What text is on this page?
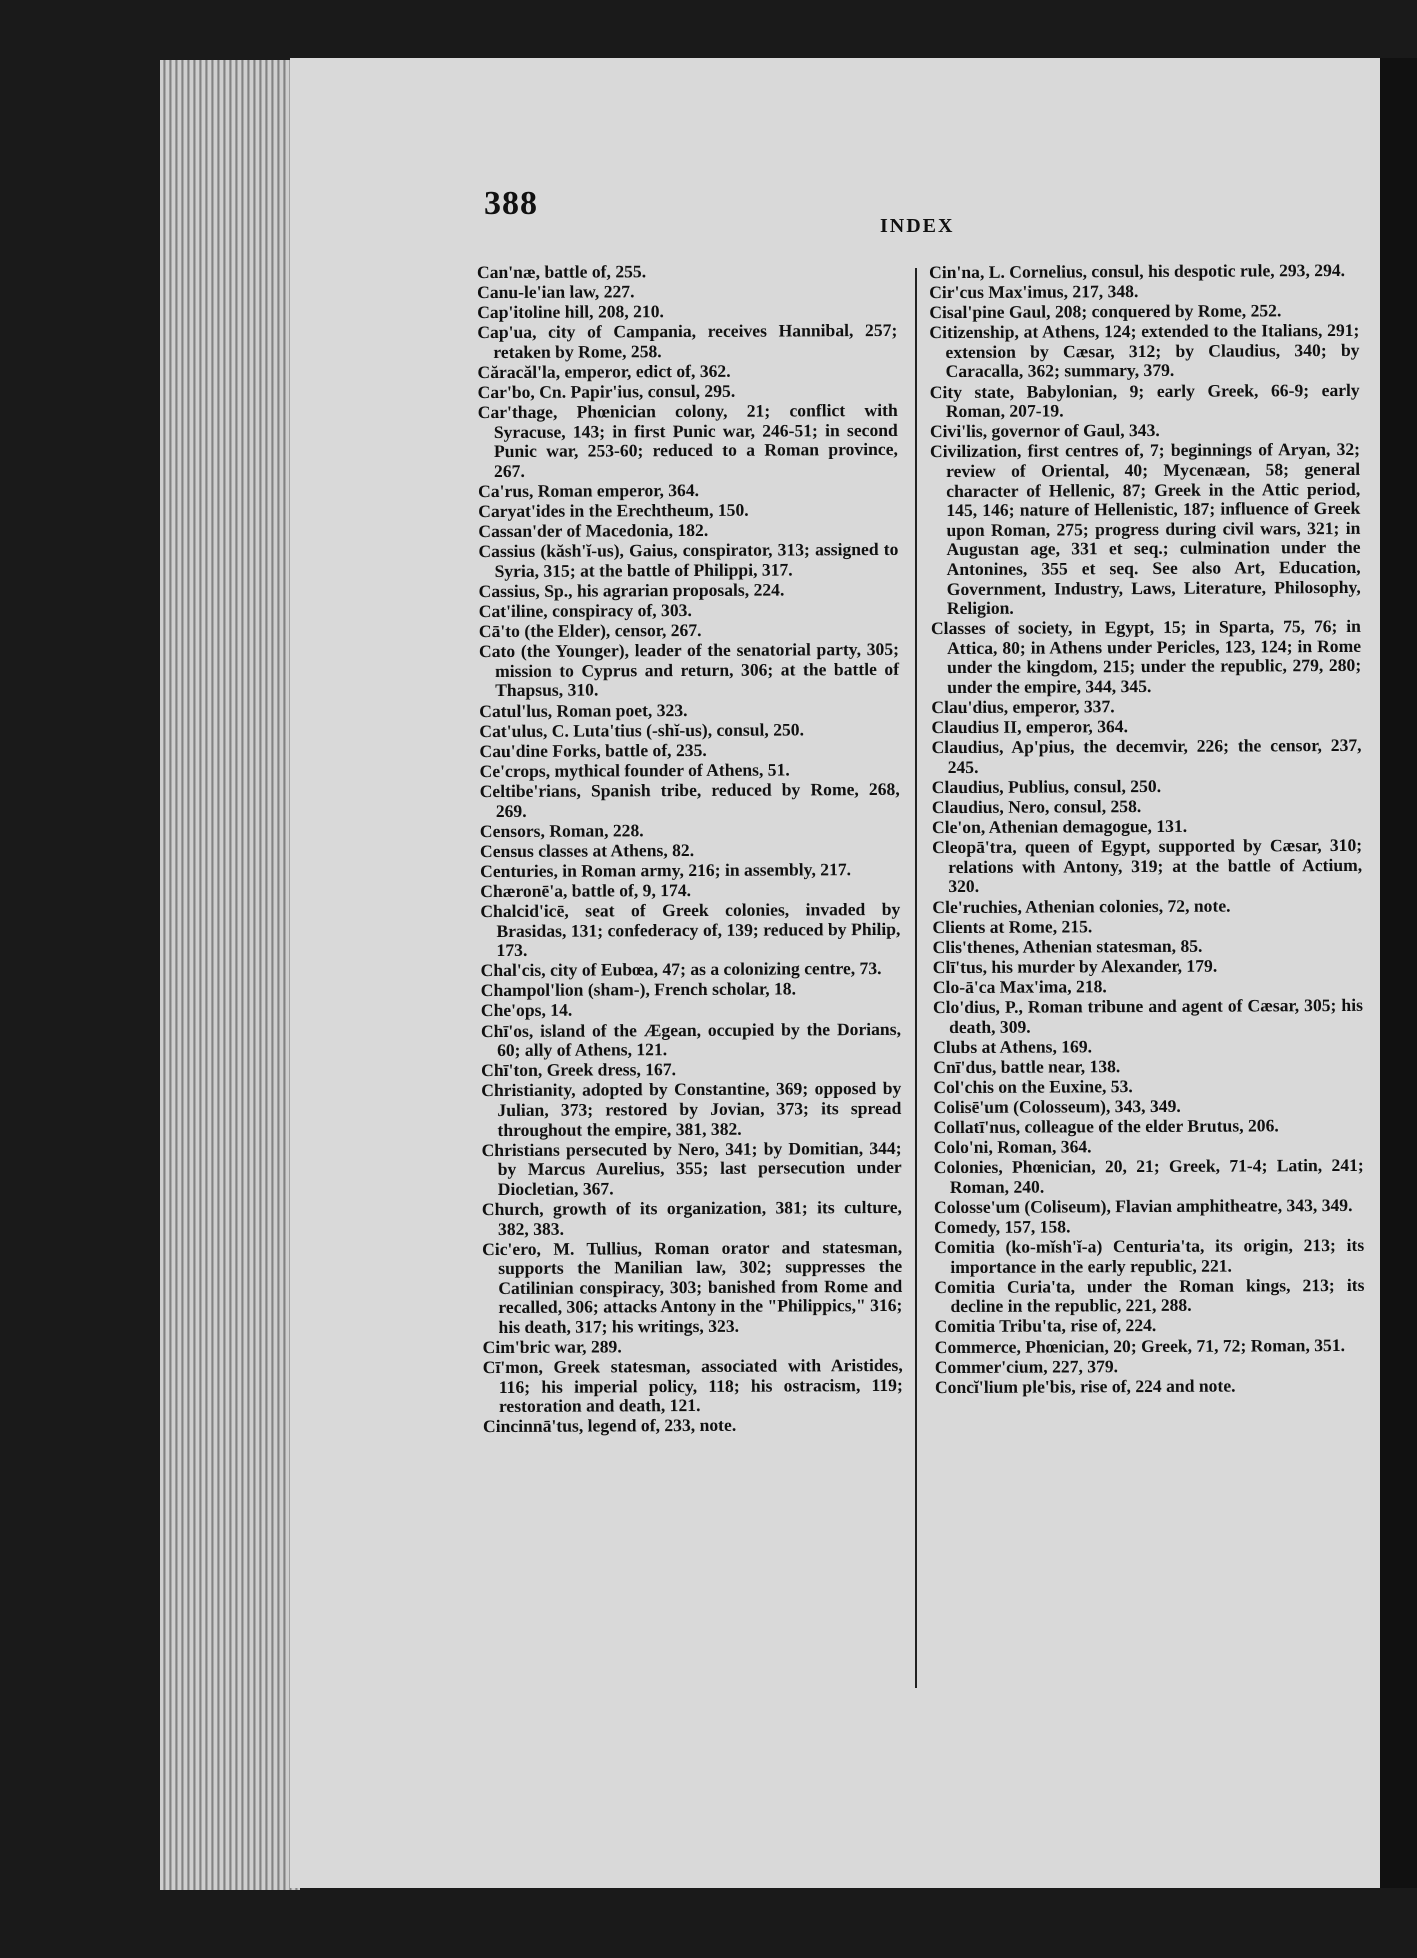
388
INDEX

Can'næ, battle of, 255.

Canu-le'ian law, 227.

Cap'itoline hill, 208, 210.

Cap'ua, city of Campania, receives Hannibal, 257; retaken by Rome, 258.

Căracăl'la, emperor, edict of, 362.

Car'bo, Cn. Papir'ius, consul, 295.

Car'thage, Phœnician colony, 21; conflict with Syracuse, 143; in first Punic war, 246-51; in second Punic war, 253-60; reduced to a Roman province, 267.

Ca'rus, Roman emperor, 364.

Caryat'ides in the Erechtheum, 150.

Cassan'der of Macedonia, 182.

Cassius (kăsh'ĭ-us), Gaius, conspirator, 313; assigned to Syria, 315; at the battle of Philippi, 317.

Cassius, Sp., his agrarian proposals, 224.

Cat'iline, conspiracy of, 303.

Cā'to (the Elder), censor, 267.

Cato (the Younger), leader of the senatorial party, 305; mission to Cyprus and return, 306; at the battle of Thapsus, 310.

Catul'lus, Roman poet, 323.

Cat'ulus, C. Luta'tius (-shĭ-us), consul, 250.

Cau'dine Forks, battle of, 235.

Ce'crops, mythical founder of Athens, 51.

Celtibe'rians, Spanish tribe, reduced by Rome, 268, 269.

Censors, Roman, 228.

Census classes at Athens, 82.

Centuries, in Roman army, 216; in assembly, 217.

Chæronē'a, battle of, 9, 174.

Chalcid'icē, seat of Greek colonies, invaded by Brasidas, 131; confederacy of, 139; reduced by Philip, 173.

Chal'cis, city of Eubœa, 47; as a colonizing centre, 73.

Champol'lion (sham-), French scholar, 18.

Che'ops, 14.

Chī'os, island of the Ægean, occupied by the Dorians, 60; ally of Athens, 121.

Chī'ton, Greek dress, 167.

Christianity, adopted by Constantine, 369; opposed by Julian, 373; restored by Jovian, 373; its spread throughout the empire, 381, 382.

Christians persecuted by Nero, 341; by Domitian, 344; by Marcus Aurelius, 355; last persecution under Diocletian, 367.

Church, growth of its organization, 381; its culture, 382, 383.

Cic'ero, M. Tullius, Roman orator and statesman, supports the Manilian law, 302; suppresses the Catilinian conspiracy, 303; banished from Rome and recalled, 306; attacks Antony in the "Philippics," 316; his death, 317; his writings, 323.

Cim'bric war, 289.

Cī'mon, Greek statesman, associated with Aristides, 116; his imperial policy, 118; his ostracism, 119; restoration and death, 121.

Cincinnā'tus, legend of, 233, note.

Cin'na, L. Cornelius, consul, his despotic rule, 293, 294.

Cir'cus Max'imus, 217, 348.

Cisal'pine Gaul, 208; conquered by Rome, 252.

Citizenship, at Athens, 124; extended to the Italians, 291; extension by Cæsar, 312; by Claudius, 340; by Caracalla, 362; summary, 379.

City state, Babylonian, 9; early Greek, 66-9; early Roman, 207-19.

Civi'lis, governor of Gaul, 343.

Civilization, first centres of, 7; beginnings of Aryan, 32; review of Oriental, 40; Mycenæan, 58; general character of Hellenic, 87; Greek in the Attic period, 145, 146; nature of Hellenistic, 187; influence of Greek upon Roman, 275; progress during civil wars, 321; in Augustan age, 331 et seq.; culmination under the Antonines, 355 et seq. See also Art, Education, Government, Industry, Laws, Literature, Philosophy, Religion.

Classes of society, in Egypt, 15; in Sparta, 75, 76; in Attica, 80; in Athens under Pericles, 123, 124; in Rome under the kingdom, 215; under the republic, 279, 280; under the empire, 344, 345.

Clau'dius, emperor, 337.

Claudius II, emperor, 364.

Claudius, Ap'pius, the decemvir, 226; the censor, 237, 245.

Claudius, Publius, consul, 250.

Claudius, Nero, consul, 258.

Cle'on, Athenian demagogue, 131.

Cleopā'tra, queen of Egypt, supported by Cæsar, 310; relations with Antony, 319; at the battle of Actium, 320.

Cle'ruchies, Athenian colonies, 72, note.

Clients at Rome, 215.

Clis'thenes, Athenian statesman, 85.

Clī'tus, his murder by Alexander, 179.

Clo-ā'ca Max'ima, 218.

Clo'dius, P., Roman tribune and agent of Cæsar, 305; his death, 309.

Clubs at Athens, 169.

Cnī'dus, battle near, 138.

Col'chis on the Euxine, 53.

Colisē'um (Colosseum), 343, 349.

Collatī'nus, colleague of the elder Brutus, 206.

Colo'ni, Roman, 364.

Colonies, Phœnician, 20, 21; Greek, 71-4; Latin, 241; Roman, 240.

Colosse'um (Coliseum), Flavian amphitheatre, 343, 349.

Comedy, 157, 158.

Comitia (ko-mĭsh'ĭ-a) Centuria'ta, its origin, 213; its importance in the early republic, 221.

Comitia Curia'ta, under the Roman kings, 213; its decline in the republic, 221, 288.

Comitia Tribu'ta, rise of, 224.

Commerce, Phœnician, 20; Greek, 71, 72; Roman, 351.

Commer'cium, 227, 379.

Concĭ'lium ple'bis, rise of, 224 and note.
